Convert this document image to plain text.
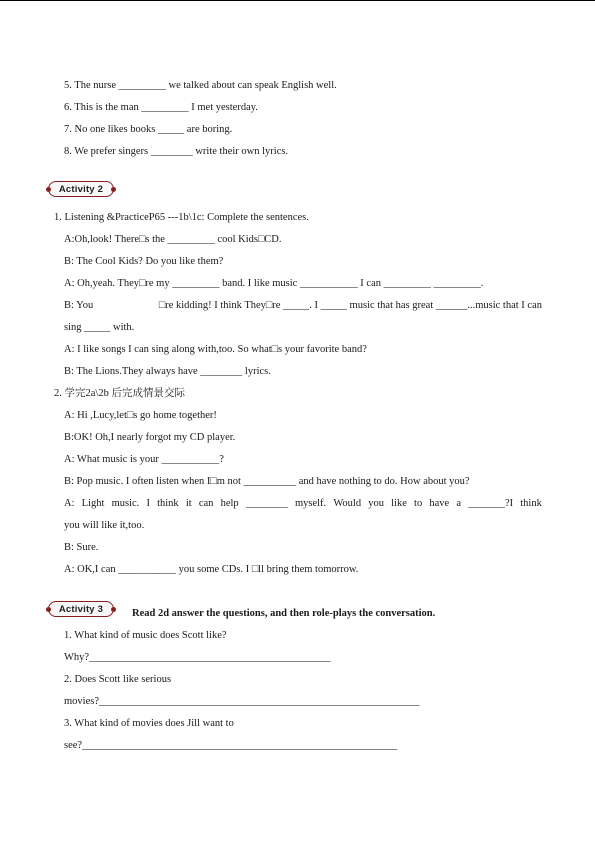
5. The nurse _________ we talked about can speak English well.
6. This is the man _________ I met yesterday.
7. No one likes books _____ are boring.
8. We prefer singers ________ write their own lyrics.
Activity 2
1. Listening &PracticeP65 ---1b\1c: Complete the sentences.
A:Oh,look! There□s the _________ cool Kids□CD.
B: The Cool Kids? Do you like them?
A: Oh,yeah. They□re my _________ band. I like music ___________ I can _________ _________.
B: You	□re kidding! I think They□re _____. I _____ music that has great ______...music that I can
sing _____ with.
A: I like songs I can sing along with,too. So what□s your favorite band?
B: The Lions.They always have ________ lyrics.
2. 学完2a\2b 后完成情景交际
A: Hi ,Lucy,let□s go home together!
B:OK! Oh,I nearly forgot my CD player.
A: What music is your ___________?
B: Pop music. I often listen when I□m not __________ and have nothing to do. How about you?
A: Light music. I think it can help ________ myself. Would you like to have a _______?I think
you will like it,too.
B: Sure.
A: OK,I can ___________ you some CDs. I □ll bring them tomorrow.
Activity 3	Read 2d answer the questions, and then role-plays the conversation.
1. What kind of music does Scott like?
Why?______________________________________________
2. Does Scott like serious
movies?_____________________________________________________________
3. What kind of movies does Jill want to
see?____________________________________________________________
